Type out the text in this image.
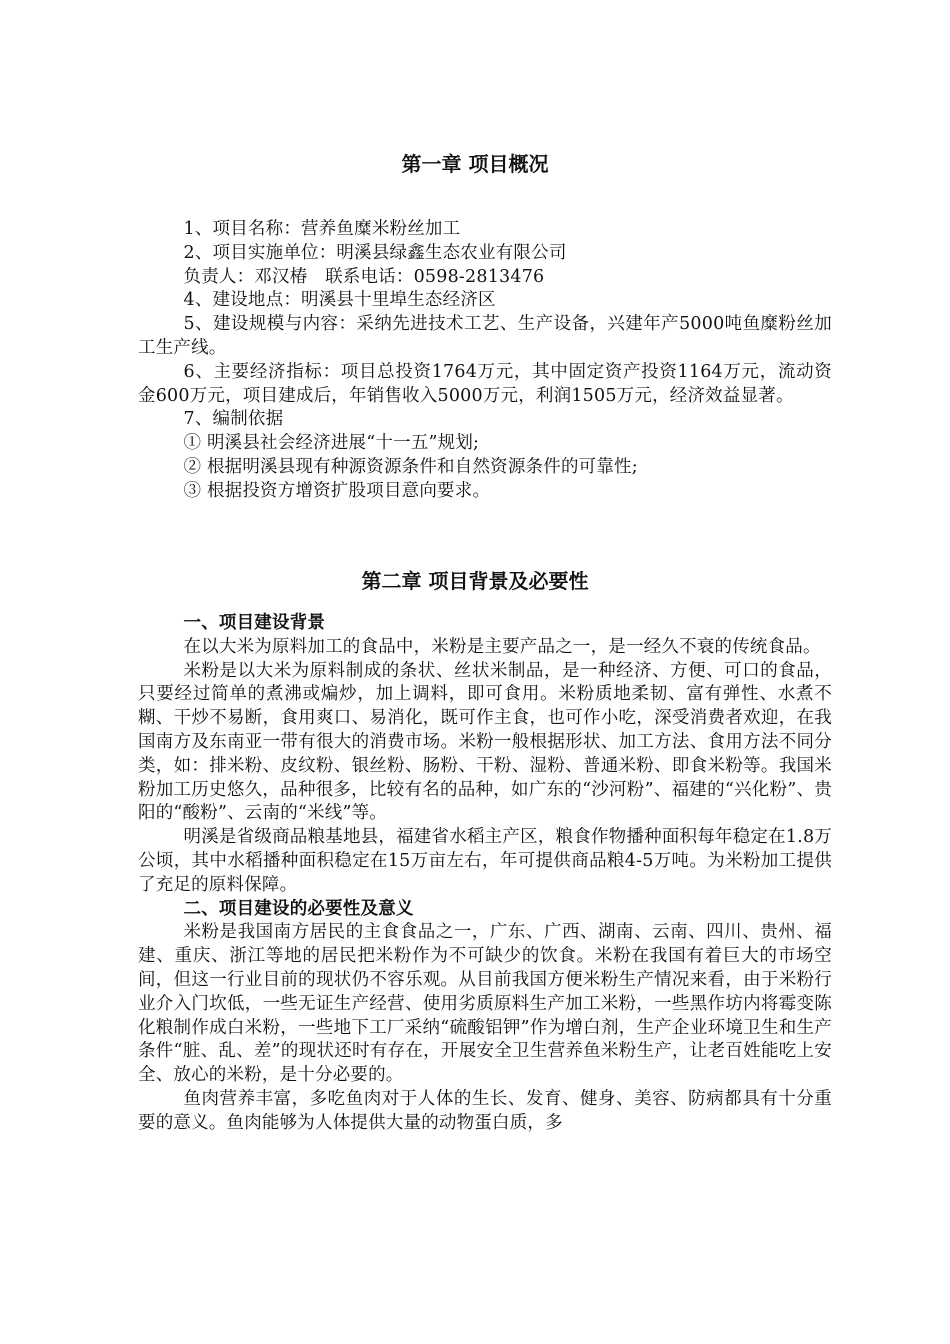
第一章 项目概况

1、项目名称：营养鱼糜米粉丝加工

2、项目实施单位：明溪县绿鑫生态农业有限公司

负责人：邓汉椿　联系电话：0598-2813476

4、建设地点：明溪县十里埠生态经济区

5、建设规模与内容：采纳先进技术工艺、生产设备，兴建年产5000吨鱼糜粉丝加工生产线。

6、主要经济指标：项目总投资1764万元，其中固定资产投资1164万元，流动资金600万元，项目建成后，年销售收入5000万元，利润1505万元，经济效益显著。

7、编制依据

① 明溪县社会经济进展“十一五”规划;

② 根据明溪县现有种源资源条件和自然资源条件的可靠性;

③ 根据投资方增资扩股项目意向要求。

第二章 项目背景及必要性
一、项目建设背景

在以大米为原料加工的食品中，米粉是主要产品之一，是一经久不衰的传统食品。

米粉是以大米为原料制成的条状、丝状米制品，是一种经济、方便、可口的食品，只要经过简单的煮沸或煸炒，加上调料，即可食用。米粉质地柔韧、富有弹性、水煮不糊、干炒不易断，食用爽口、易消化，既可作主食，也可作小吃，深受消费者欢迎，在我国南方及东南亚一带有很大的消费市场。米粉一般根据形状、加工方法、食用方法不同分类，如：排米粉、皮纹粉、银丝粉、肠粉、干粉、湿粉、普通米粉、即食米粉等。我国米粉加工历史悠久，品种很多，比较有名的品种，如广东的“沙河粉”、福建的“兴化粉”、贵阳的“酸粉”、云南的“米线”等。

明溪是省级商品粮基地县，福建省水稻主产区，粮食作物播种面积每年稳定在1.8万公顷，其中水稻播种面积稳定在15万亩左右，年可提供商品粮4-5万吨。为米粉加工提供了充足的原料保障。

二、项目建设的必要性及意义

米粉是我国南方居民的主食食品之一，广东、广西、湖南、云南、四川、贵州、福建、重庆、浙江等地的居民把米粉作为不可缺少的饮食。米粉在我国有着巨大的市场空间，但这一行业目前的现状仍不容乐观。从目前我国方便米粉生产情况来看，由于米粉行业介入门坎低，一些无证生产经营、使用劣质原料生产加工米粉，一些黑作坊内将霉变陈化粮制作成白米粉，一些地下工厂采纳“硫酸铝钾”作为增白剂，生产企业环境卫生和生产条件“脏、乱、差”的现状还时有存在，开展安全卫生营养鱼米粉生产，让老百姓能吃上安全、放心的米粉，是十分必要的。

鱼肉营养丰富，多吃鱼肉对于人体的生长、发育、健身、美容、防病都具有十分重要的意义。鱼肉能够为人体提供大量的动物蛋白质，多
